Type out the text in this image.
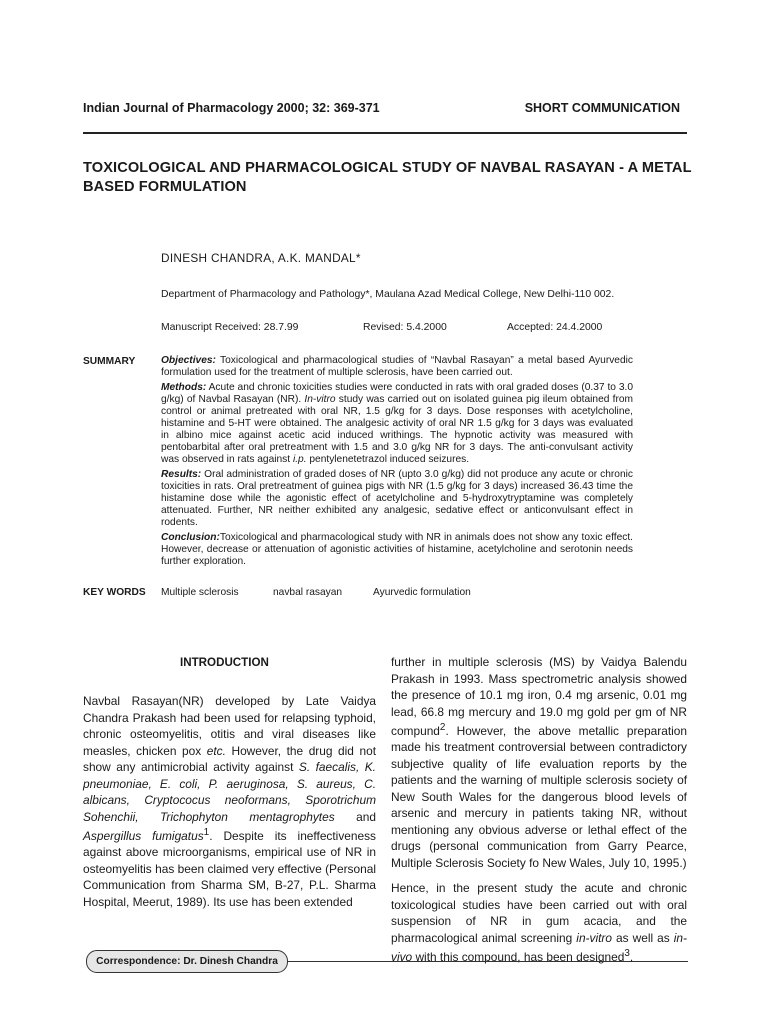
Indian Journal of Pharmacology 2000; 32: 369-371	SHORT COMMUNICATION
TOXICOLOGICAL AND PHARMACOLOGICAL STUDY OF NAVBAL RASAYAN - A METAL BASED FORMULATION
DINESH CHANDRA, A.K. MANDAL*
Department of Pharmacology and Pathology*, Maulana Azad Medical College, New Delhi-110 002.
Manuscript Received: 28.7.99	Revised: 5.4.2000	Accepted: 24.4.2000
SUMMARY	Objectives: Toxicological and pharmacological studies of “Navbal Rasayan” a metal based Ayurvedic formulation used for the treatment of multiple sclerosis, have been carried out.

Methods: Acute and chronic toxicities studies were conducted in rats with oral graded doses (0.37 to 3.0 g/kg) of Navbal Rasayan (NR). In-vitro study was carried out on isolated guinea pig ileum obtained from control or animal pretreated with oral NR, 1.5 g/kg for 3 days. Dose responses with acetylcholine, histamine and 5-HT were obtained. The analgesic activity of oral NR 1.5 g/kg for 3 days was evaluated in albino mice against acetic acid induced writhings. The hypnotic activity was measured with pentobarbital after oral pretreatment with 1.5 and 3.0 g/kg NR for 3 days. The anti-convulsant activity was observed in rats against i.p. pentylenetetrazol induced seizures.

Results: Oral administration of graded doses of NR (upto 3.0 g/kg) did not produce any acute or chronic toxicities in rats. Oral pretreatment of guinea pigs with NR (1.5 g/kg for 3 days) increased 36.43 time the histamine dose while the agonistic effect of acetylcholine and 5-hydroxytryptamine was completely attenuated. Further, NR neither exhibited any analgesic, sedative effect or anticonvulsant effect in rodents.

Conclusion:Toxicological and pharmacological study with NR in animals does not show any toxic effect. However, decrease or attenuation of agonistic activities of histamine, acetylcholine and serotonin needs further exploration.

KEY WORDS Multiple sclerosis	navbal rasayan	Ayurvedic formulation
INTRODUCTION

Navbal Rasayan(NR) developed by Late Vaidya Chandra Prakash had been used for relapsing typhoid, chronic osteomyelitis, otitis and viral diseases like measles, chicken pox etc. However, the drug did not show any antimicrobial activity against S. faecalis, K. pneumoniae, E. coli, P. aeruginosa, S. aureus, C. albicans, Cryptococus neoformans, Sporotrichum Sohenchii, Trichophyton mentagrophytes and Aspergillus fumigatus$^1$. Despite its ineffectiveness against above microorganisms, empirical use of NR in osteomyelitis has been claimed very effective (Personal Communication from Sharma SM, B-27, P.L. Sharma Hospital, Meerut, 1989). Its use has been extended

further in multiple sclerosis (MS) by Vaidya Balendu Prakash in 1993. Mass spectrometric analysis showed the presence of 10.1 mg iron, 0.4 mg arsenic, 0.01 mg lead, 66.8 mg mercury and 19.0 mg gold per gm of NR compund$^2$. However, the above metallic preparation made his treatment controversial between contradictory subjective quality of life evaluation reports by the patients and the warning of multiple sclerosis society of New South Wales for the dangerous blood levels of arsenic and mercury in patients taking NR, without mentioning any obvious adverse or lethal effect of the drugs (personal communication from Garry Pearce, Multiple Sclerosis Society fo New Wales, July 10, 1995.)

Hence, in the present study the acute and chronic toxicological studies have been carried out with oral suspension of NR in gum acacia, and the pharmacological animal screening in-vitro as well as in-vivo with this compound, has been designed$^3$.

Correspondence: Dr. Dinesh Chandra
